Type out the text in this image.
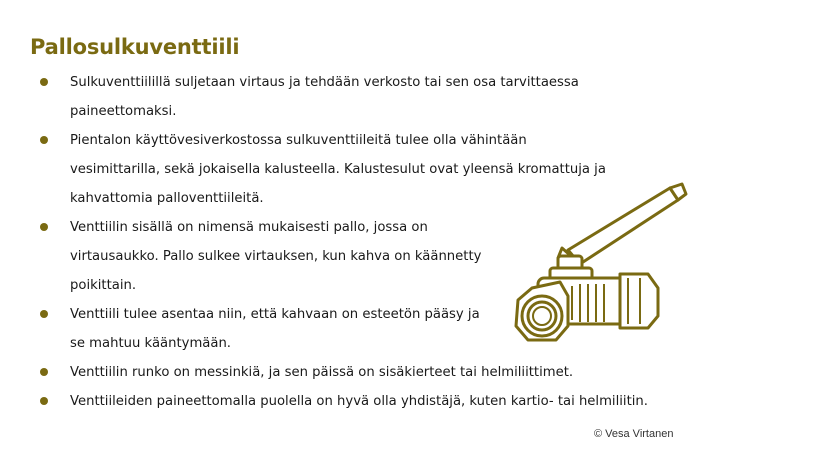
Pallosulkuventtiili
Sulkuventtiilillä suljetaan virtaus ja tehdään verkosto tai sen osa tarvittaessa paineettomaksi.
Pientalon käyttövesiverkostossa sulkuventtiileitä tulee olla vähintään vesimittarilla, sekä jokaisella kalusteella. Kalustesulut ovat yleensä kromattuja ja kahvattomia palloventtiileitä.
Venttiilin sisällä on nimensä mukaisesti pallo, jossa on virtausaukko. Pallo sulkee virtauksen, kun kahva on käännetty poikittain.
Venttiili tulee asentaa niin, että kahvaan on esteetön pääsy ja se mahtuu kääntymään.
Venttiilin runko on messinkiä, ja sen päissä on sisäkierteet tai helmiliittimet.
Venttiileiden paineettomalla puolella on hyvä olla yhdistäjä, kuten kartio- tai helmiliitin.
© Vesa Virtanen
